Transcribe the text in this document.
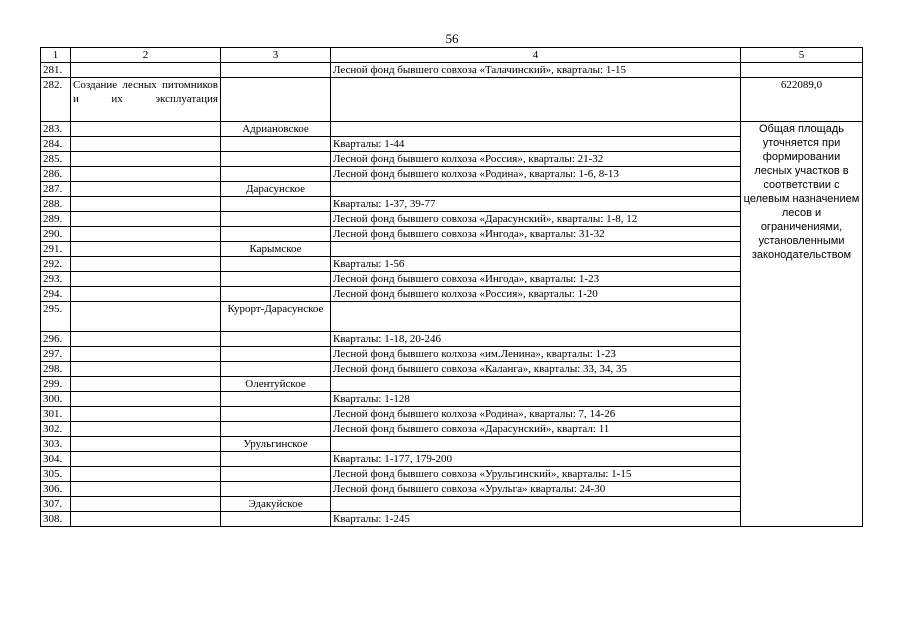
56
1	2	3	4	5
281.			Лесной фонд бывшего совхоза «Талачинский», кварталы: 1-15	
282.	Создание лесных питомников и их эксплуатация			622089,0
283.		Адриановское		Общая площадь уточняется при формировании лесных участков в соответствии с целевым назначением лесов и ограничениями, установленными законодательством
284.			Кварталы: 1-44	
285.			Лесной фонд бывшего колхоза «Россия», кварталы: 21-32	
286.			Лесной фонд бывшего колхоза «Родина», кварталы: 1-6, 8-13	
287.		Дарасунское		
288.			Кварталы: 1-37, 39-77	
289.			Лесной фонд бывшего совхоза «Дарасунский», кварталы: 1-8, 12	
290.			Лесной фонд бывшего совхоза «Ингода», кварталы: 31-32	
291.		Карымское		
292.			Кварталы: 1-56	
293.			Лесной фонд бывшего совхоза «Ингода», кварталы: 1-23	
294.			Лесной фонд бывшего колхоза «Россия», кварталы: 1-20	
295.		Курорт-Дарасунское		
296.			Кварталы: 1-18, 20-246	
297.			Лесной фонд бывшего колхоза «им.Ленина», кварталы: 1-23	
298.			Лесной фонд бывшего совхоза «Каланга», кварталы: 33, 34, 35	
299.		Олентуйское		
300.			Кварталы: 1-128	
301.			Лесной фонд бывшего колхоза «Родина», кварталы: 7, 14-26	
302.			Лесной фонд бывшего совхоза «Дарасунский», квартал: 11	
303.		Урульгинское		
304.			Кварталы: 1-177, 179-200	
305.			Лесной фонд бывшего совхоза «Урульгинский», кварталы: 1-15	
306.			Лесной фонд бывшего совхоза «Урульга» кварталы: 24-30	
307.		Эдакуйское		
308.			Кварталы: 1-245	
